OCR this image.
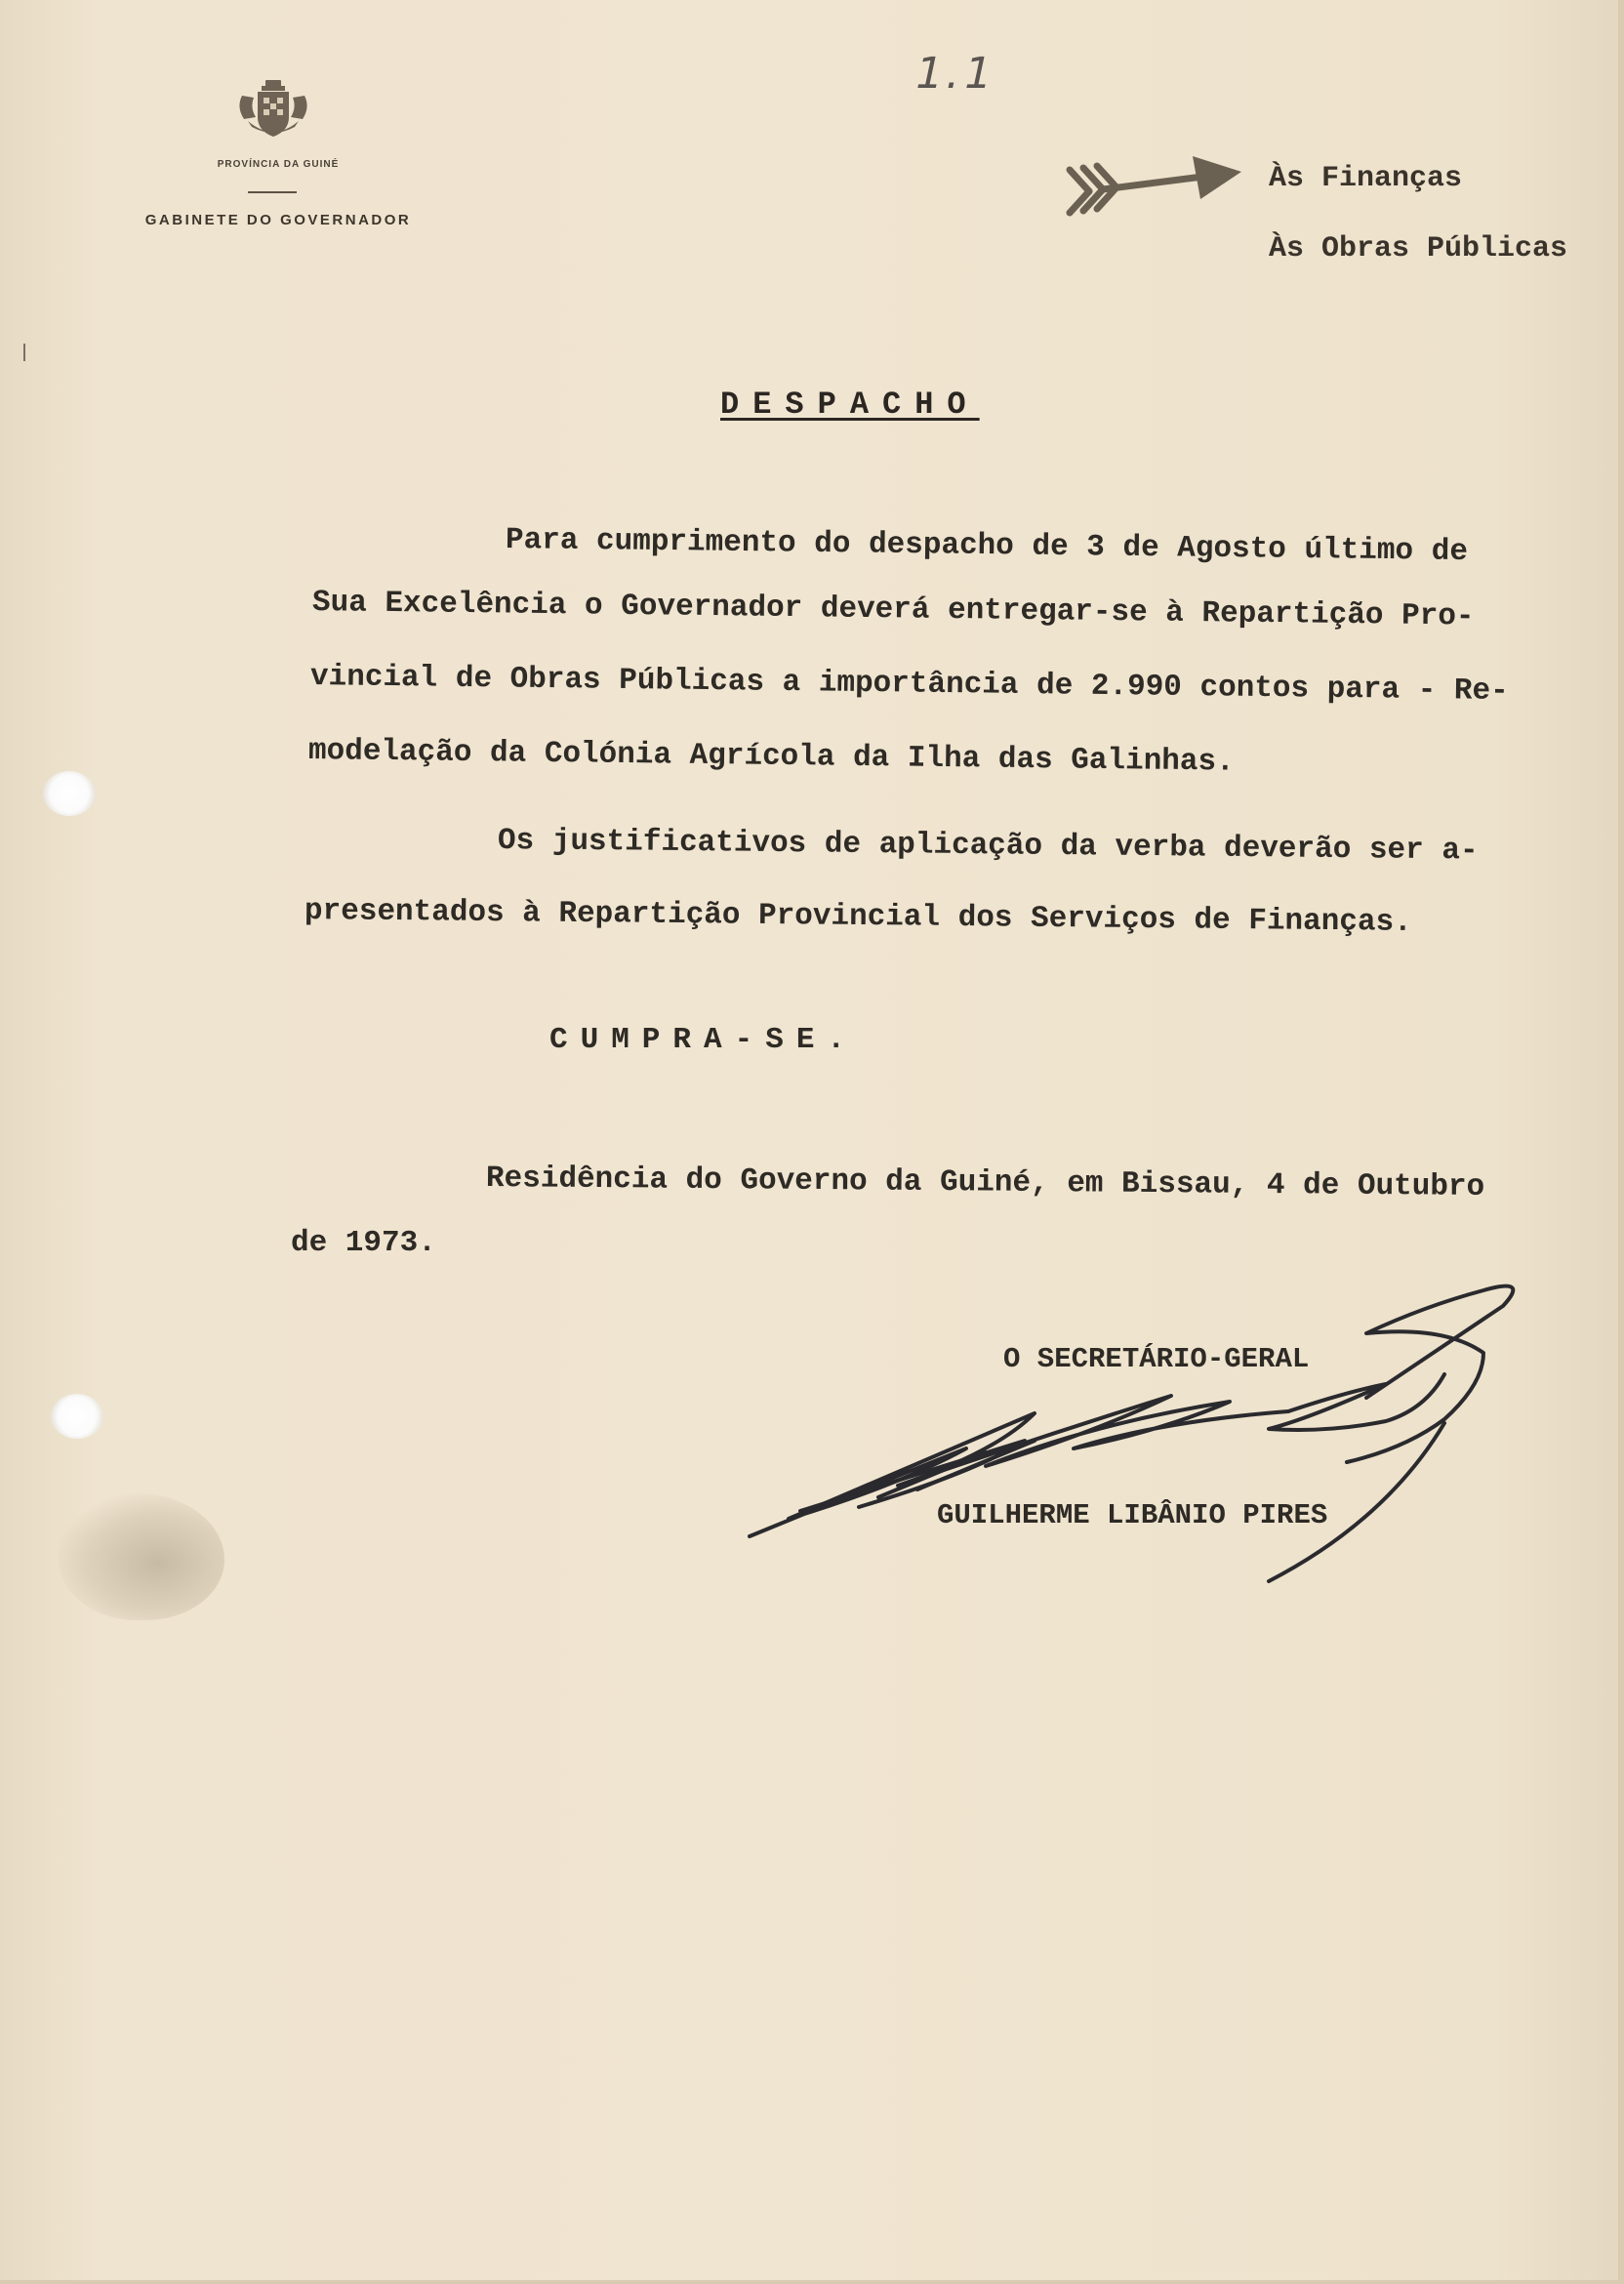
PROVÍNCIA DA GUINÉ
GABINETE DO GOVERNADOR
1.1
Às Finanças
Às Obras Públicas
DESPACHO
Para cumprimento do despacho de 3 de Agosto último de
Sua Excelência o Governador deverá entregar-se à Repartição Pro-
vincial de Obras Públicas a importância de 2.990 contos para - Re-
modelação da Colónia Agrícola da Ilha das Galinhas.
Os justificativos de aplicação da verba deverão ser a-
presentados à Repartição Provincial dos Serviços de Finanças.
CUMPRA-SE.
Residência do Governo da Guiné, em Bissau, 4 de Outubro
de 1973.
O SECRETÁRIO-GERAL
GUILHERME LIBÂNIO PIRES
